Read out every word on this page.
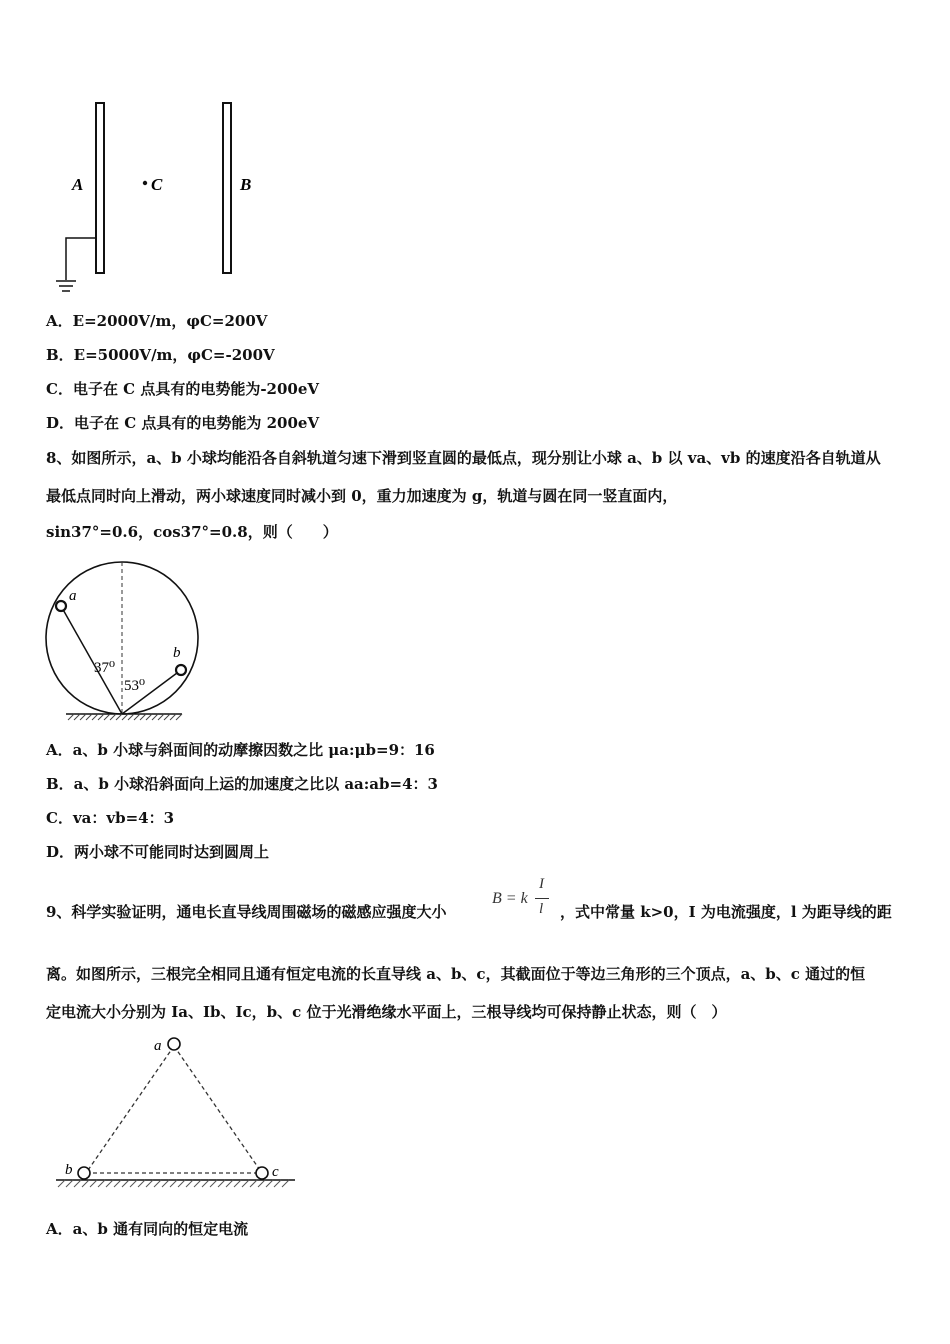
A	C	B
A．E=2000V/m，φC=200V
B．E=5000V/m，φC=-200V
C．电子在 C 点具有的电势能为-200eV
D．电子在 C 点具有的电势能为 200eV
8、如图所示，a、b 小球均能沿各自斜轨道匀速下滑到竖直圆的最低点，现分别让小球 a、b 以 va、vb 的速度沿各自轨道从
最低点同时向上滑动，两小球速度同时减小到 0，重力加速度为 g，轨道与圆在同一竖直面内，
sin37°=0.6，cos37°=0.8，则（　　）
a
b
37⁰
53⁰
A．a、b 小球与斜面间的动摩擦因数之比 μa:μb=9：16
B．a、b 小球沿斜面向上运的加速度之比以 aa:ab=4：3
C．va：vb=4：3
D．两小球不可能同时达到圆周上
9、科学实验证明，通电长直导线周围磁场的磁感应强度大小
B = k
I
l ，式中常量 k>0，I 为电流强度，l 为距导线的距
离。如图所示，三根完全相同且通有恒定电流的长直导线 a、b、c，其截面位于等边三角形的三个顶点，a、b、c 通过的恒
定电流大小分别为 Ia、Ib、Ic，b、c 位于光滑绝缘水平面上，三根导线均可保持静止状态，则（　）
a
b	c
A．a、b 通有同向的恒定电流
